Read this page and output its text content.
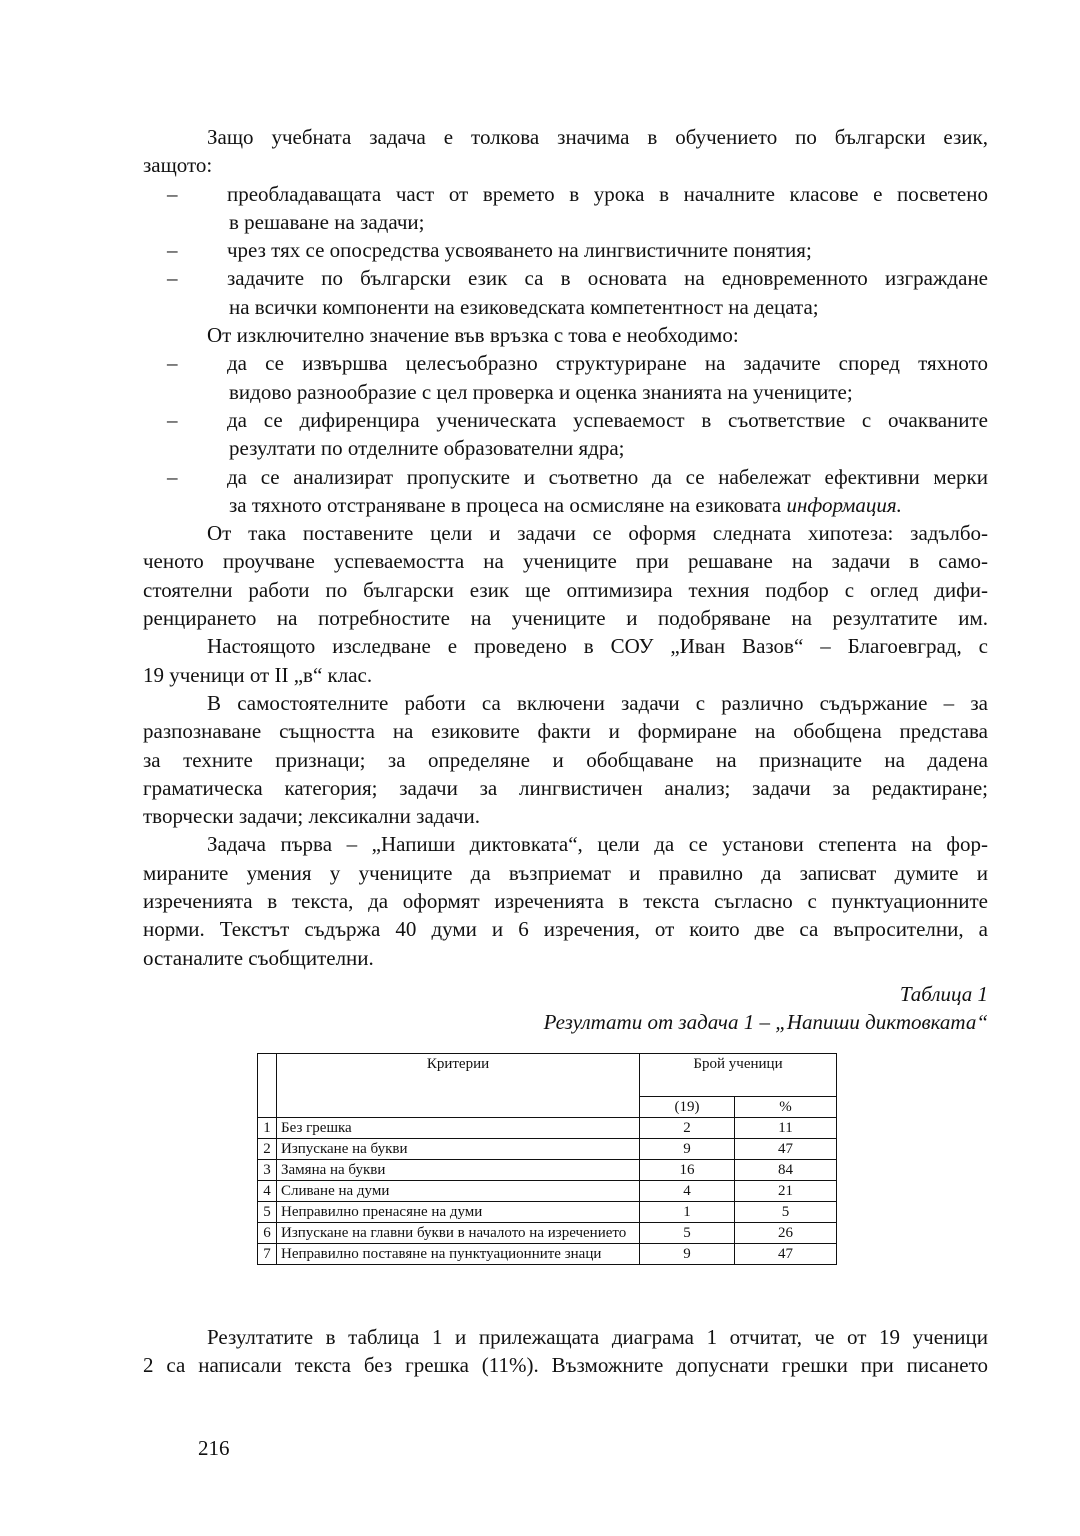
Защо учебната задача е толкова значима в обучението по български език,
защото:
– преобладаващата част от времето в урока в началните класове е посветено
в решаване на задачи;
– чрез тях се опосредства усвояването на лингвистичните понятия;
– задачите по български език са в основата на едновременното изграждане
на всички компоненти на езиковедската компетентност на децата;
От изключително значение във връзка с това е необходимо:
– да се извършва целесъобразно структуриране на задачите според тяхното
видово разнообразие с цел проверка и оценка знанията на учениците;
– да се дифиренцира ученическата успеваемост в съответствие с очакваните
резултати по отделните образователни ядра;
– да се анализират пропуските и съответно да се набележат ефективни мерки
за тяхното отстраняване в процеса на осмисляне на езиковата информация.
От така поставените цели и задачи се оформя следната хипотеза: задълбо-
ченото проучване успеваемостта на учениците при решаване на задачи в само-
стоятелни работи по български език ще оптимизира техния подбор с оглед дифи-
ренцирането на потребностите на учениците и подобряване на резултатите им.
Настоящото изследване е проведено в СОУ „Иван Вазов“ – Благоевград, с
19 ученици от II „в“ клас.
В самостоятелните работи са включени задачи с различно съдържание – за
разпознаване същността на езиковите факти и формиране на обобщена представа
за техните признаци; за определяне и обобщаване на признаците на дадена
граматическа категория; задачи за лингвистичен анализ; задачи за редактиране;
творчески задачи; лексикални задачи.
Задача първа – „Напиши диктовката“, цели да се установи степента на фор-
мираните умения у учениците да възприемат и правилно да записват думите и
изреченията в текста, да оформят изреченията в текста съгласно с пунктуационните
норми. Текстът съдържа 40 думи и 6 изречения, от които две са въпросителни, а
останалите съобщителни.
Таблица 1
Резултати от задача 1 – „Напиши диктовката“
	Критерии	Брой ученици	
		(19)	%
1	Без грешка	2	11
2	Изпускане на букви	9	47
3	Замяна на букви	16	84
4	Сливане на думи	4	21
5	Неправилно пренасяне на думи	1	5
6	Изпускане на главни букви в началото на изречението	5	26
7	Неправилно поставяне на пунктуационните знаци	9	47
Резултатите в таблица 1 и прилежащата диаграма 1 отчитат, че от 19 ученици
2 са написали текста без грешка (11%). Възможните допуснати грешки при писането
216
